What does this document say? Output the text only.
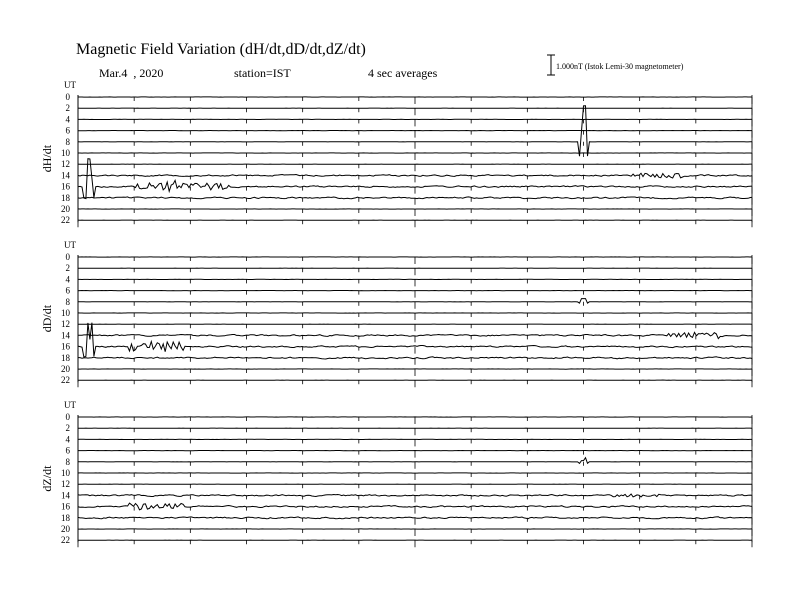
Magnetic Field Variation (dH/dt,dD/dt,dZ/dt)
Mar.4  , 2020	station=IST	4 sec averages	1.000nT (Istok Lemi-30 magnetometer)
UT
dH/dt
0
2
4
6
8
10
12
14
16
18
20
22
UT
dD/dt
0
2
4
6
8
10
12
14
16
18
20
22
UT
dZ/dt
0
2
4
6
8
10
12
14
16
18
20
22
